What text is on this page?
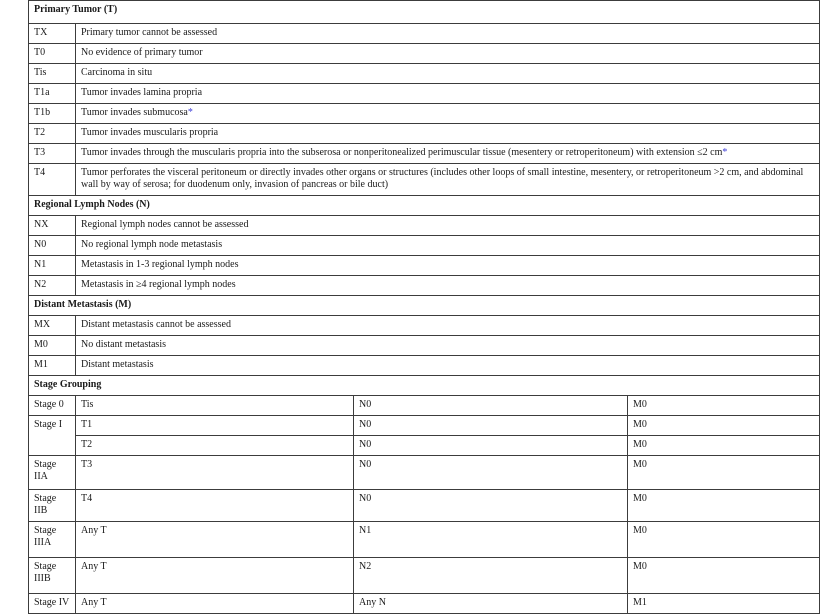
Primary Tumor (T)			
TX	Primary tumor cannot be assessed		
T0	No evidence of primary tumor		
Tis	Carcinoma in situ		
T1a	Tumor invades lamina propria		
T1b	Tumor invades submucosa*		
T2	Tumor invades muscularis propria		
T3	Tumor invades through the muscularis propria into the subserosa or nonperitonealized perimuscular tissue (mesentery or retroperitoneum) with extension ≤2 cm*		
T4	Tumor perforates the visceral peritoneum or directly invades other organs or structures (includes other loops of small intestine, mesentery, or retroperitoneum >2 cm, and abdominal wall by way of serosa; for duodenum only, invasion of pancreas or bile duct)		
Regional Lymph Nodes (N)			
NX	Regional lymph nodes cannot be assessed		
N0	No regional lymph node metastasis		
N1	Metastasis in 1-3 regional lymph nodes		
N2	Metastasis in ≥4 regional lymph nodes		
Distant Metastasis (M)			
MX	Distant metastasis cannot be assessed		
M0	No distant metastasis		
M1	Distant metastasis		
Stage Grouping			
Stage 0	Tis	N0	M0
Stage I	T1	N0	M0
	T2	N0	M0
Stage IIA	T3	N0	M0
Stage IIB	T4	N0	M0
Stage IIIA	Any T	N1	M0
Stage IIIB	Any T	N2	M0
Stage IV	Any T	Any N	M1
